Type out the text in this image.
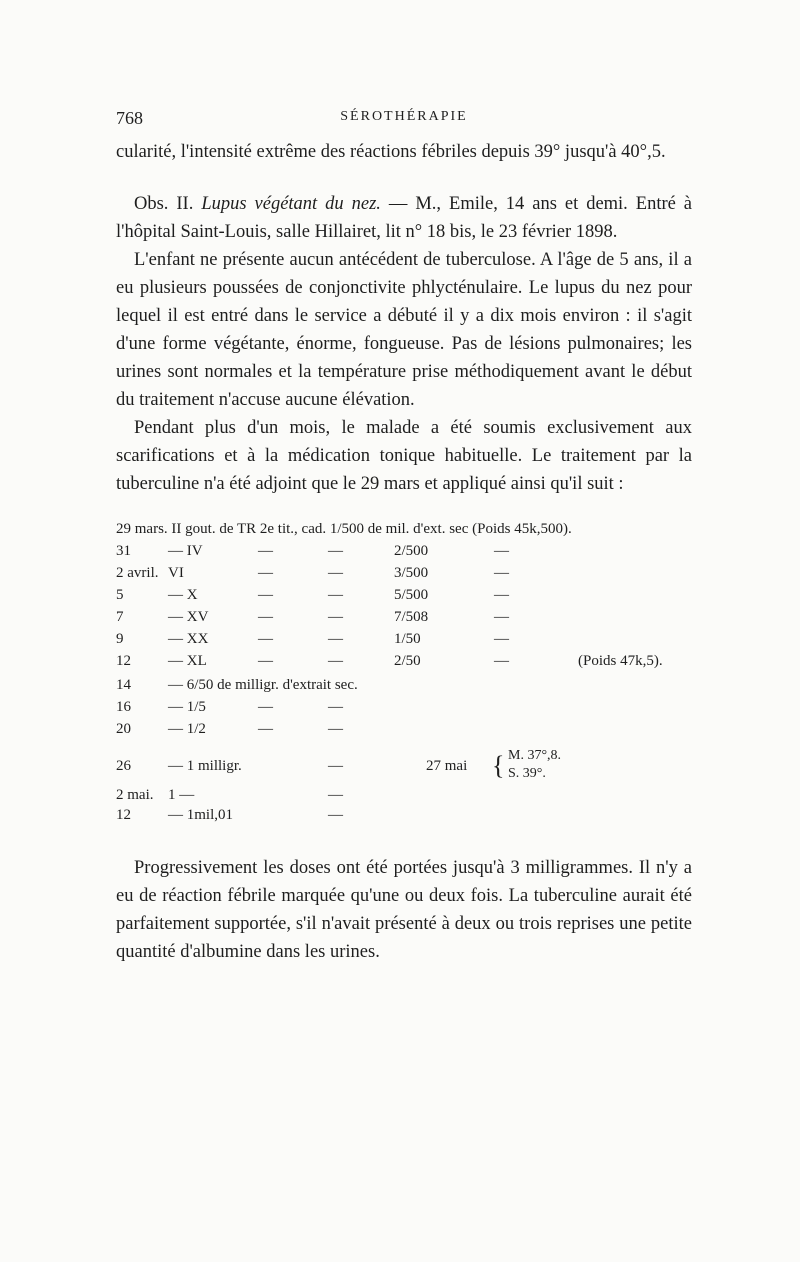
768	SÉROTHÉRAPIE

cularité, l'intensité extrême des réactions fébriles depuis 39° jusqu'à 40°,5.

Obs. II. Lupus végétant du nez. — M., Emile, 14 ans et demi. Entré à l'hôpital Saint-Louis, salle Hillairet, lit n° 18 bis, le 23 février 1898.

L'enfant ne présente aucun antécédent de tuberculose. A l'âge de 5 ans, il a eu plusieurs poussées de conjonctivite phlycténulaire. Le lupus du nez pour lequel il est entré dans le service a débuté il y a dix mois environ : il s'agit d'une forme végétante, énorme, fongueuse. Pas de lésions pulmonaires; les urines sont normales et la température prise méthodiquement avant le début du traitement n'accuse aucune élévation.

Pendant plus d'un mois, le malade a été soumis exclusivement aux scarifications et à la médication tonique habituelle. Le traitement par la tuberculine n'a été adjoint que le 29 mars et appliqué ainsi qu'il suit :

29 mars. II gout. de TR 2e tit., cad. 1/500 de mil. d'ext. sec (Poids 45k,500).
31 — IV	—	—	2/500	—
2 avril. VI	—	—	3/500	—
5	— X	—	—	5/500	—
7	— XV	—	—	7/508	—
9	— XX	—	—	1/50	—
12 — XL	—	—	2/50	—	(Poids 47k,5).
14 — 6/50 de milligr. d'extrait sec.
16 — 1/5	—	—
20 — 1/2	—	—
26 — 1 milligr.	—	27 mai { M. 37°,8.
S. 39°.
2 mai. 1 —	—
12 — 1mil,01	—

Progressivement les doses ont été portées jusqu'à 3 milligrammes. Il n'y a eu de réaction fébrile marquée qu'une ou deux fois. La tuberculine aurait été parfaitement supportée, s'il n'avait présenté à deux ou trois reprises une petite quantité d'albumine dans les urines.
